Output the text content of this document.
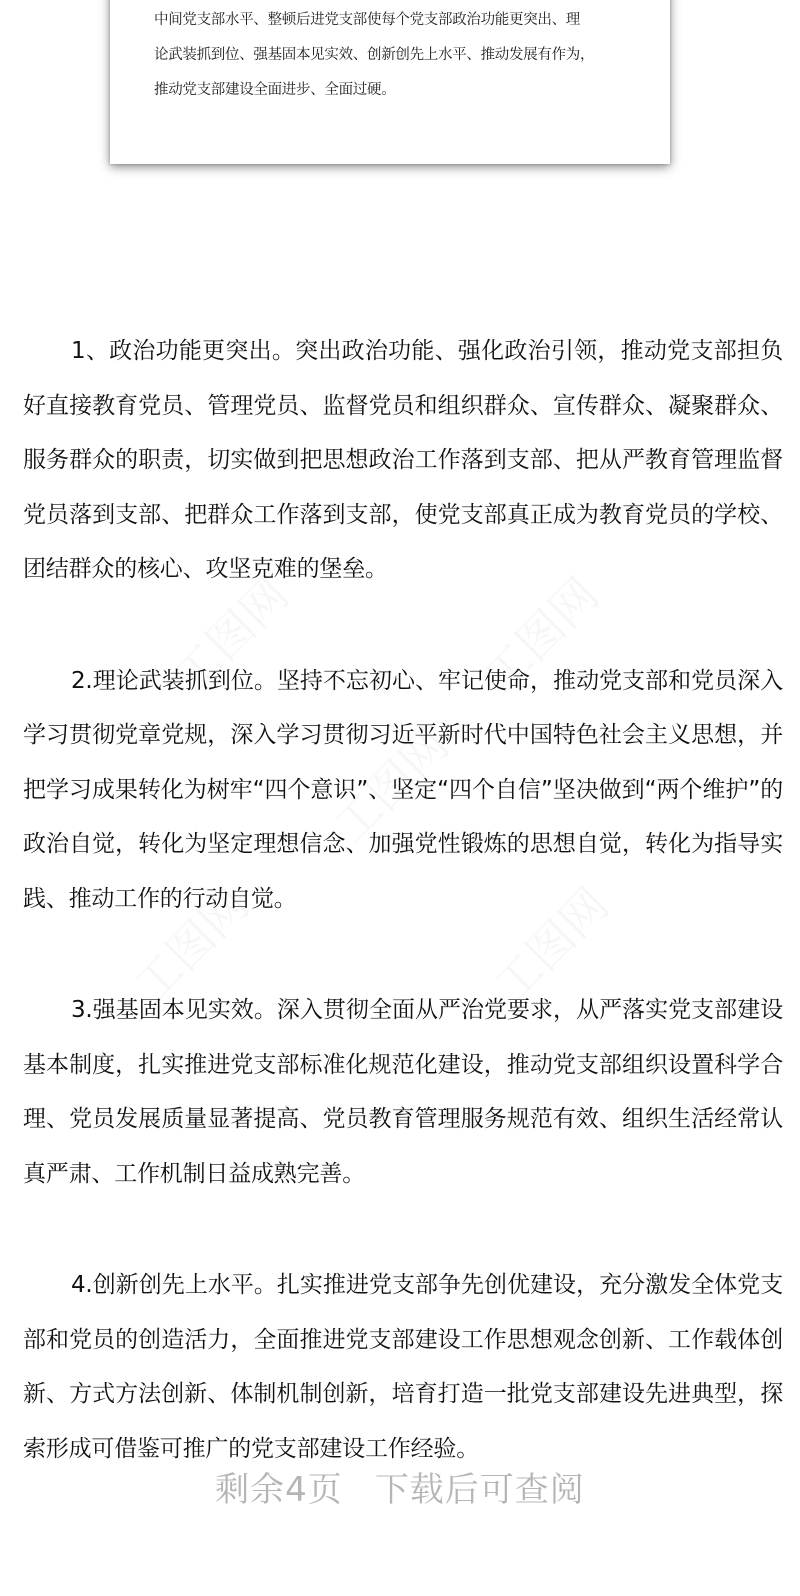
中间党支部水平、整顿后进党支部使每个党支部政治功能更突出、理
论武装抓到位、强基固本见实效、创新创先上水平、推动发展有作为，
推动党支部建设全面进步、全面过硬。

1、政治功能更突出。突出政治功能、强化政治引领，推动党支部担负好直接教育党员、管理党员、监督党员和组织群众、宣传群众、凝聚群众、服务群众的职责，切实做到把思想政治工作落到支部、把从严教育管理监督党员落到支部、把群众工作落到支部，使党支部真正成为教育党员的学校、团结群众的核心、攻坚克难的堡垒。

2.理论武装抓到位。坚持不忘初心、牢记使命，推动党支部和党员深入学习贯彻党章党规，深入学习贯彻习近平新时代中国特色社会主义思想，并把学习成果转化为树牢“四个意识”、坚定“四个自信”坚决做到“两个维护”的政治自觉，转化为坚定理想信念、加强党性锻炼的思想自觉，转化为指导实践、推动工作的行动自觉。

3.强基固本见实效。深入贯彻全面从严治党要求，从严落实党支部建设基本制度，扎实推进党支部标准化规范化建设，推动党支部组织设置科学合理、党员发展质量显著提高、党员教育管理服务规范有效、组织生活经常认真严肃、工作机制日益成熟完善。

4.创新创先上水平。扎实推进党支部争先创优建设，充分激发全体党支部和党员的创造活力，全面推进党支部建设工作思想观念创新、工作载体创新、方式方法创新、体制机制创新，培育打造一批党支部建设先进典型，探索形成可借鉴可推广的党支部建设工作经验。

剩余4页 下载后可查阅
